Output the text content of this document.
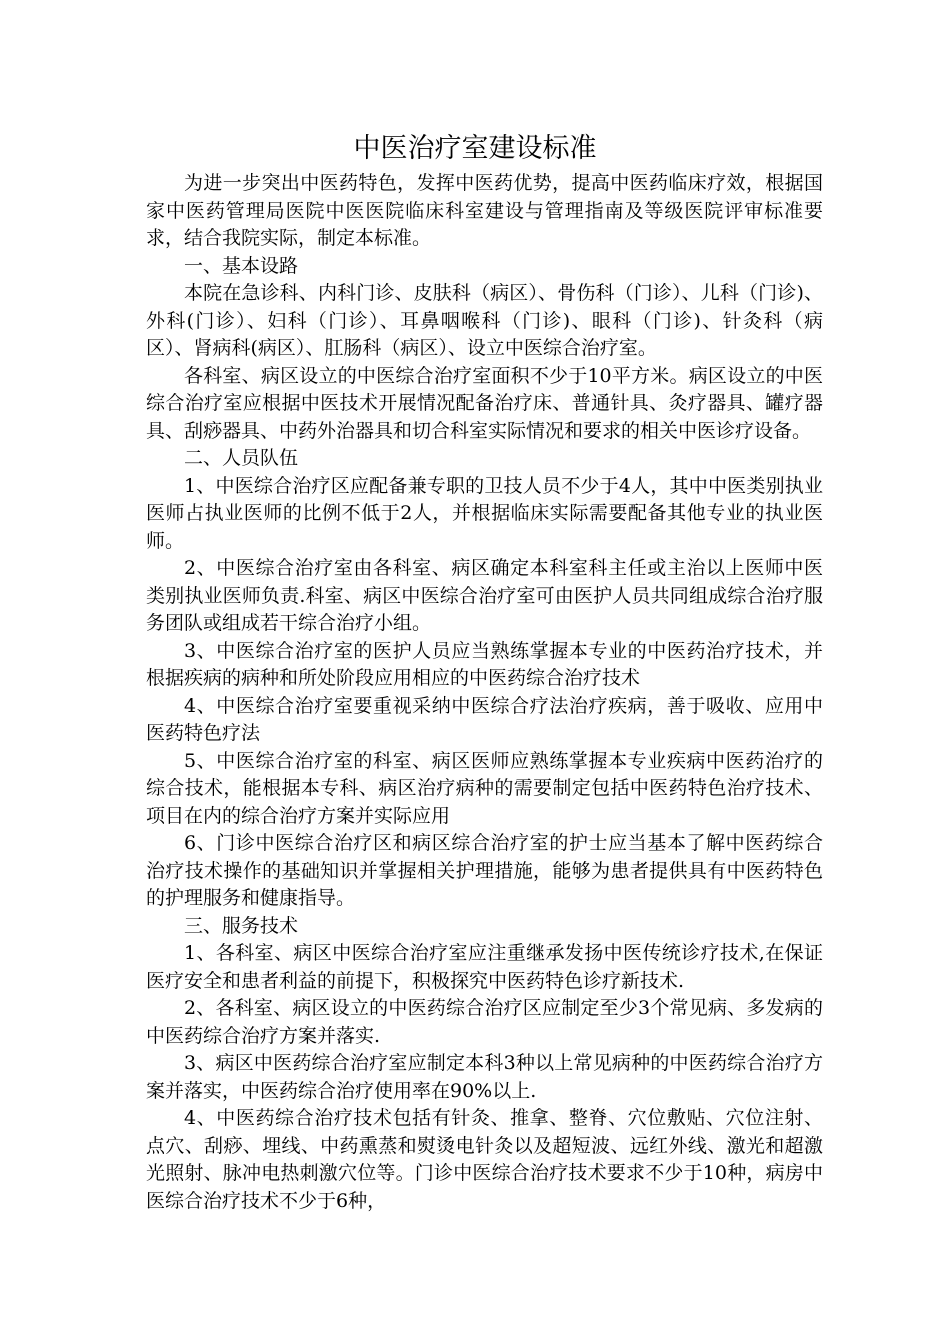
中医治疗室建设标准

为进一步突出中医药特色，发挥中医药优势，提高中医药临床疗效，根据国家中医药管理局医院中医医院临床科室建设与管理指南及等级医院评审标准要求，结合我院实际，制定本标准。

一、基本设路

本院在急诊科、内科门诊、皮肤科（病区）、骨伤科（门诊）、儿科（门诊)、外科(门诊）、妇科（门诊）、耳鼻咽喉科（门诊)、眼科（门诊)、针灸科（病区）、肾病科(病区）、肛肠科（病区）、设立中医综合治疗室。

各科室、病区设立的中医综合治疗室面积不少于10平方米。病区设立的中医综合治疗室应根据中医技术开展情况配备治疗床、普通针具、灸疗器具、罐疗器具、刮痧器具、中药外治器具和切合科室实际情况和要求的相关中医诊疗设备。

二、人员队伍

1、中医综合治疗区应配备兼专职的卫技人员不少于4人，其中中医类别执业医师占执业医师的比例不低于2人，并根据临床实际需要配备其他专业的执业医师。

2、中医综合治疗室由各科室、病区确定本科室科主任或主治以上医师中医类别执业医师负责.科室、病区中医综合治疗室可由医护人员共同组成综合治疗服务团队或组成若干综合治疗小组。

3、中医综合治疗室的医护人员应当熟练掌握本专业的中医药治疗技术，并根据疾病的病种和所处阶段应用相应的中医药综合治疗技术

4、中医综合治疗室要重视采纳中医综合疗法治疗疾病，善于吸收、应用中医药特色疗法

5、中医综合治疗室的科室、病区医师应熟练掌握本专业疾病中医药治疗的综合技术，能根据本专科、病区治疗病种的需要制定包括中医药特色治疗技术、项目在内的综合治疗方案并实际应用

6、门诊中医综合治疗区和病区综合治疗室的护士应当基本了解中医药综合治疗技术操作的基础知识并掌握相关护理措施，能够为患者提供具有中医药特色的护理服务和健康指导。

三、服务技术

1、各科室、病区中医综合治疗室应注重继承发扬中医传统诊疗技术,在保证医疗安全和患者利益的前提下，积极探究中医药特色诊疗新技术.

2、各科室、病区设立的中医药综合治疗区应制定至少3个常见病、多发病的中医药综合治疗方案并落实.

3、病区中医药综合治疗室应制定本科3种以上常见病种的中医药综合治疗方案并落实，中医药综合治疗使用率在90%以上.

4、中医药综合治疗技术包括有针灸、推拿、整脊、穴位敷贴、穴位注射、点穴、刮痧、埋线、中药熏蒸和熨烫电针灸以及超短波、远红外线、激光和超激光照射、脉冲电热刺激穴位等。门诊中医综合治疗技术要求不少于10种，病房中医综合治疗技术不少于6种，
